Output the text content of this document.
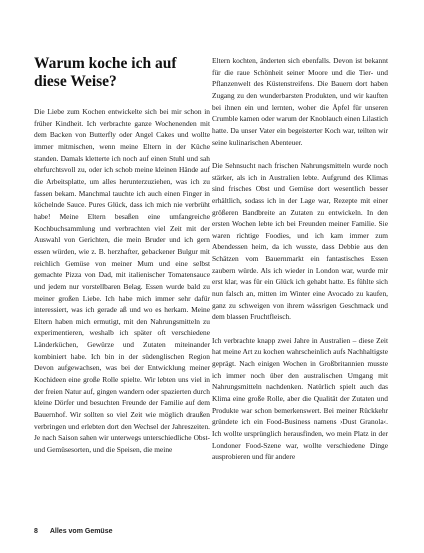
Warum koche ich auf diese Weise?

Die Liebe zum Kochen entwickelte sich bei mir schon in früher Kindheit. Ich verbrachte ganze Wochenenden mit dem Backen von Butterfly oder Angel Cakes und wollte immer mitmischen, wenn meine Eltern in der Küche standen. Damals kletterte ich noch auf einen Stuhl und sah ehrfurchtsvoll zu, oder ich schob meine kleinen Hände auf die Arbeitsplatte, um alles herunterzuziehen, was ich zu fassen bekam. Manchmal tauchte ich auch einen Finger in köchelnde Sauce. Pures Glück, dass ich mich nie verbrüht habe! Meine Eltern besaßen eine umfangreiche Kochbuchsammlung und verbrachten viel Zeit mit der Auswahl von Gerichten, die mein Bruder und ich gern essen würden, wie z. B. herzhafter, gebackener Bulgur mit reichlich Gemüse von meiner Mum und eine selbst gemachte Pizza von Dad, mit italienischer Tomatensauce und jedem nur vorstellbaren Belag. Essen wurde bald zu meiner großen Liebe. Ich habe mich immer sehr dafür interessiert, was ich gerade aß und wo es herkam. Meine Eltern haben mich ermutigt, mit den Nahrungsmitteln zu experimentieren, weshalb ich später oft verschiedene Länderküchen, Gewürze und Zutaten miteinander kombiniert habe. Ich bin in der südenglischen Region Devon aufgewachsen, was bei der Entwicklung meiner Kochideen eine große Rolle spielte. Wir lebten uns viel in der freien Natur auf, gingen wandern oder spazierten durch kleine Dörfer und besuchten Freunde der Familie auf dem Bauernhof. Wir sollten so viel Zeit wie möglich draußen verbringen und erlebten dort den Wechsel der Jahreszeiten. Je nach Saison sahen wir unterwegs unterschiedliche Obst- und Gemüsesorten, und die Speisen, die meine

Eltern kochten, änderten sich ebenfalls. Devon ist bekannt für die raue Schönheit seiner Moore und die Tier- und Pflanzenwelt des Küstenstreifens. Die Bauern dort haben Zugang zu den wunderbarsten Produkten, und wir kauften bei ihnen ein und lernten, woher die Äpfel für unseren Crumble kamen oder warum der Knoblauch einen Lilastich hatte. Da unser Vater ein begeisterter Koch war, teilten wir seine kulinarischen Abenteuer.

Die Sehnsucht nach frischen Nahrungsmitteln wurde noch stärker, als ich in Australien lebte. Aufgrund des Klimas sind frisches Obst und Gemüse dort wesentlich besser erhältlich, sodass ich in der Lage war, Rezepte mit einer größeren Bandbreite an Zutaten zu entwickeln. In den ersten Wochen lebte ich bei Freunden meiner Familie. Sie waren richtige Foodies, und ich kam immer zum Abendessen heim, da ich wusste, dass Debbie aus den Schätzen vom Bauernmarkt ein fantastisches Essen zaubern würde. Als ich wieder in London war, wurde mir erst klar, was für ein Glück ich gehabt hatte. Es fühlte sich nun falsch an, mitten im Winter eine Avocado zu kaufen, ganz zu schweigen von ihrem wässrigen Geschmack und dem blassen Fruchtfleisch.

Ich verbrachte knapp zwei Jahre in Australien – diese Zeit hat meine Art zu kochen wahrscheinlich aufs Nachhaltigste geprägt. Nach einigen Wochen in Großbritannien musste ich immer noch über den australischen Umgang mit Nahrungsmitteln nachdenken. Natürlich spielt auch das Klima eine große Rolle, aber die Qualität der Zutaten und Produkte war schon bemerkenswert. Bei meiner Rückkehr gründete ich ein Food-Business namens ›Dust Granola‹. Ich wollte ursprünglich herausfinden, wo mein Platz in der Londoner Food-Szene war, wollte verschiedene Dinge ausprobieren und für andere

8 Alles vom Gemüse
